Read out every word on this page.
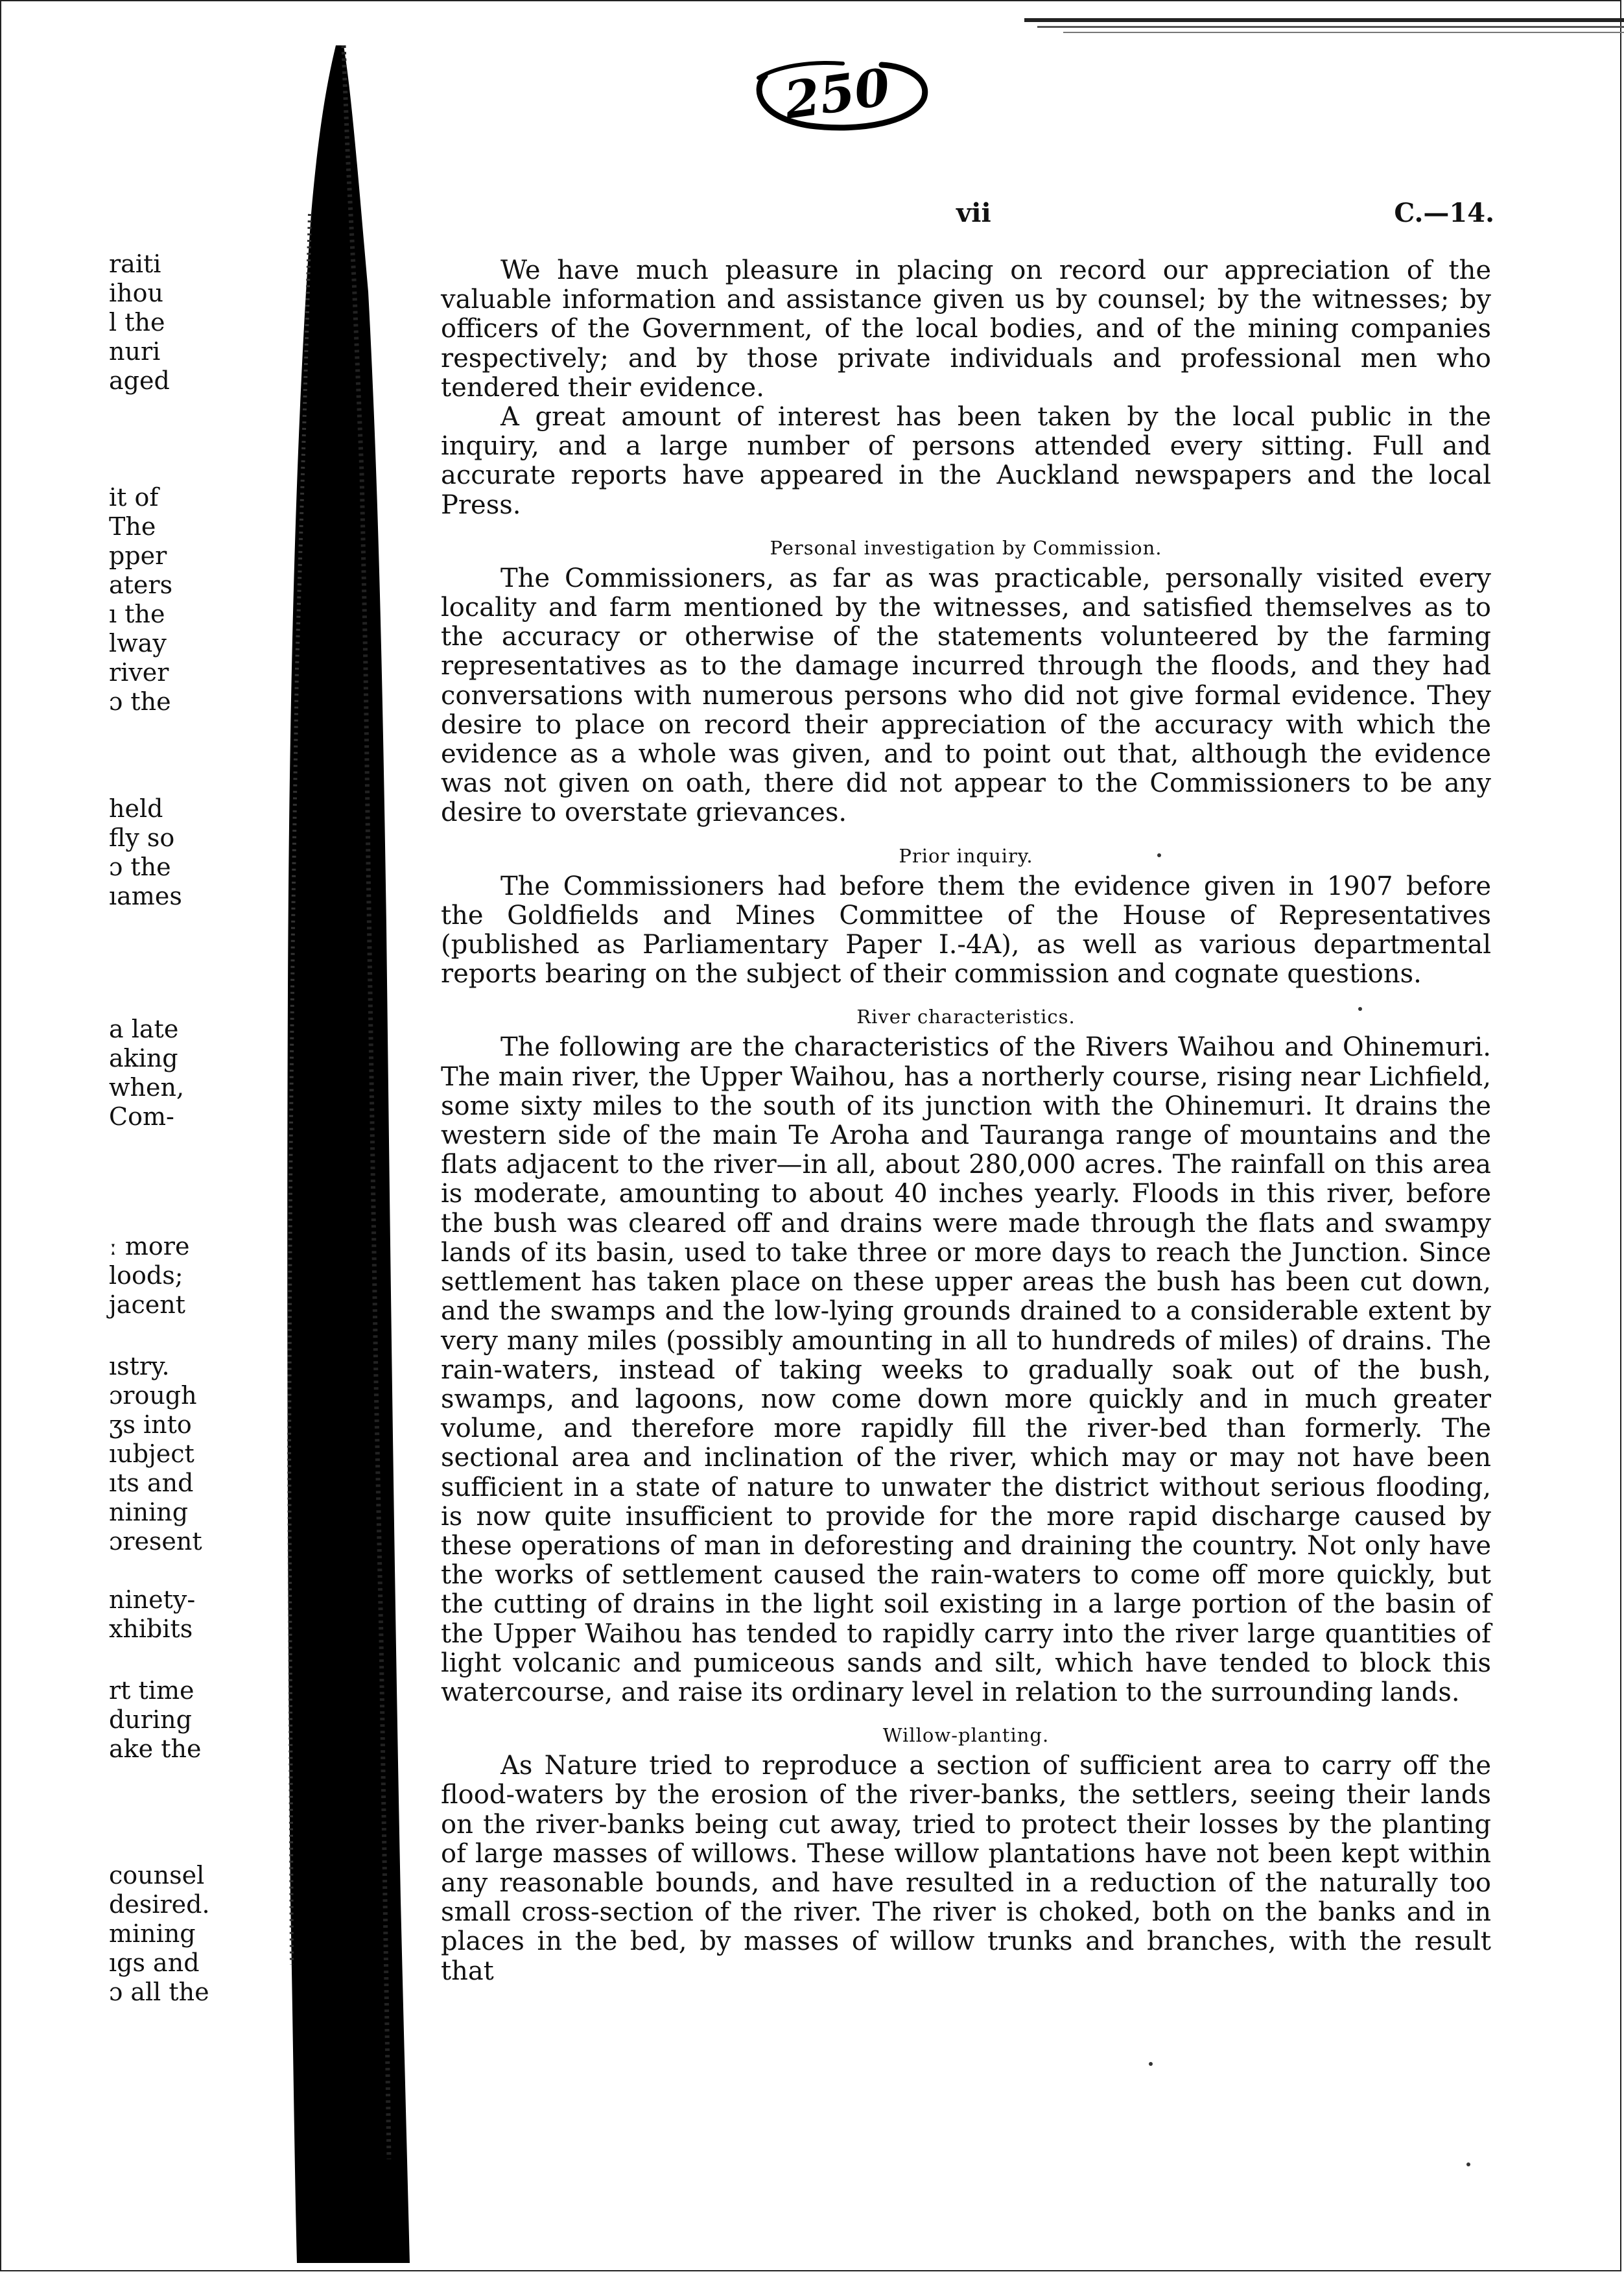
250
raiti
ihou
l the
nuri
aged
it of
The
pper
aters
ı the
lway
river
ɔ the
held
fly so
ɔ the
ıames
a late
aking
when,
Com-
ː more
loods;
jacent
ıstry.
ɔrough
ʒs into
ıubject
ıts and
nining
ɔresent
ninety-
xhibits
rt time
during
ake the
counsel
desired.
mining
ıgs and
ɔ all the
vii	C.—14.

We have much pleasure in placing on record our appreciation of the valuable information and assistance given us by counsel; by the witnesses; by officers of the Government, of the local bodies, and of the mining companies respectively; and by those private individuals and professional men who tendered their evidence.

A great amount of interest has been taken by the local public in the inquiry, and a large number of persons attended every sitting. Full and accurate reports have appeared in the Auckland newspapers and the local Press.

Personal investigation by Commission.

The Commissioners, as far as was practicable, personally visited every locality and farm mentioned by the witnesses, and satisfied themselves as to the accuracy or otherwise of the statements volunteered by the farming representatives as to the damage incurred through the floods, and they had conversations with numerous persons who did not give formal evidence. They desire to place on record their appreciation of the accuracy with which the evidence as a whole was given, and to point out that, although the evidence was not given on oath, there did not appear to the Commissioners to be any desire to overstate grievances.

Prior inquiry.

The Commissioners had before them the evidence given in 1907 before the Goldfields and Mines Committee of the House of Representatives (published as Parliamentary Paper I.-4A), as well as various departmental reports bearing on the subject of their commission and cognate questions.

River characteristics.

The following are the characteristics of the Rivers Waihou and Ohinemuri. The main river, the Upper Waihou, has a northerly course, rising near Lichfield, some sixty miles to the south of its junction with the Ohinemuri. It drains the western side of the main Te Aroha and Tauranga range of mountains and the flats adjacent to the river—in all, about 280,000 acres. The rainfall on this area is moderate, amounting to about 40 inches yearly. Floods in this river, before the bush was cleared off and drains were made through the flats and swampy lands of its basin, used to take three or more days to reach the Junction. Since settlement has taken place on these upper areas the bush has been cut down, and the swamps and the low-lying grounds drained to a considerable extent by very many miles (possibly amounting in all to hundreds of miles) of drains. The rain-waters, instead of taking weeks to gradually soak out of the bush, swamps, and lagoons, now come down more quickly and in much greater volume, and therefore more rapidly fill the river-bed than formerly. The sectional area and inclination of the river, which may or may not have been sufficient in a state of nature to unwater the district without serious flooding, is now quite insufficient to provide for the more rapid discharge caused by these operations of man in deforesting and draining the country. Not only have the works of settlement caused the rain-waters to come off more quickly, but the cutting of drains in the light soil existing in a large portion of the basin of the Upper Waihou has tended to rapidly carry into the river large quantities of light volcanic and pumiceous sands and silt, which have tended to block this watercourse, and raise its ordinary level in relation to the surrounding lands.

Willow-planting.

As Nature tried to reproduce a section of sufficient area to carry off the flood-waters by the erosion of the river-banks, the settlers, seeing their lands on the river-banks being cut away, tried to protect their losses by the planting of large masses of willows. These willow plantations have not been kept within any reasonable bounds, and have resulted in a reduction of the naturally too small cross-section of the river. The river is choked, both on the banks and in places in the bed, by masses of willow trunks and branches, with the result that
